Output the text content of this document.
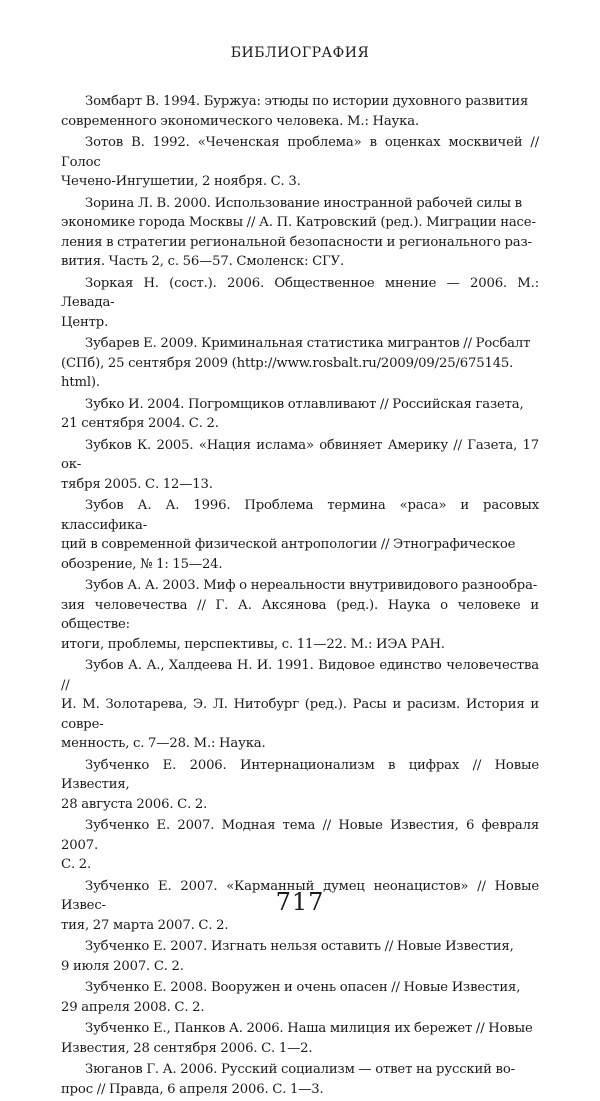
БИБЛИОГРАФИЯ

Зомбарт В. 1994. Буржуа: этюды по истории духовного развития
современного экономического человека. М.: Наука.

Зотов В. 1992. «Чеченская проблема» в оценках москвичей // Голос
Чечено-Ингушетии, 2 ноября. С. 3.

Зорина Л. В. 2000. Использование иностранной рабочей силы в
экономике города Москвы // А. П. Катровский (ред.). Миграции насе-
ления в стратегии региональной безопасности и регионального раз-
вития. Часть 2, с. 56—57. Смоленск: СГУ.

Зоркая Н. (сост.). 2006. Общественное мнение — 2006. М.: Левада-
Центр.

Зубарев Е. 2009. Криминальная статистика мигрантов // Росбалт
(СПб), 25 сентября 2009 (http://www.rosbalt.ru/2009/09/25/675145.
html).

Зубко И. 2004. Погромщиков отлавливают // Российская газета,
21 сентября 2004. С. 2.

Зубков К. 2005. «Нация ислама» обвиняет Америку // Газета, 17 ок-
тября 2005. С. 12—13.

Зубов А. А. 1996. Проблема термина «раса» и расовых классифика-
ций в современной физической антропологии // Этнографическое
обозрение, № 1: 15—24.

Зубов А. А. 2003. Миф о нереальности внутривидового разнообра-
зия человечества // Г. А. Аксянова (ред.). Наука о человеке и обществе:
итоги, проблемы, перспективы, с. 11—22. М.: ИЭА РАН.

Зубов А. А., Халдеева Н. И. 1991. Видовое единство человечества //
И. М. Золотарева, Э. Л. Нитобург (ред.). Расы и расизм. История и совре-
менность, с. 7—28. М.: Наука.

Зубченко Е. 2006. Интернационализм в цифрах // Новые Известия,
28 августа 2006. С. 2.

Зубченко Е. 2007. Модная тема // Новые Известия, 6 февраля 2007.
С. 2.

Зубченко Е. 2007. «Карманный думец неонацистов» // Новые Извес-
тия, 27 марта 2007. С. 2.

Зубченко Е. 2007. Изгнать нельзя оставить // Новые Известия,
9 июля 2007. С. 2.

Зубченко Е. 2008. Вооружен и очень опасен // Новые Известия,
29 апреля 2008. С. 2.

Зубченко Е., Панков А. 2006. Наша милиция их бережет // Новые
Известия, 28 сентября 2006. С. 1—2.

Зюганов Г. А. 2006. Русский социализм — ответ на русский во-
прос // Правда, 6 апреля 2006. С. 1—3.

717
